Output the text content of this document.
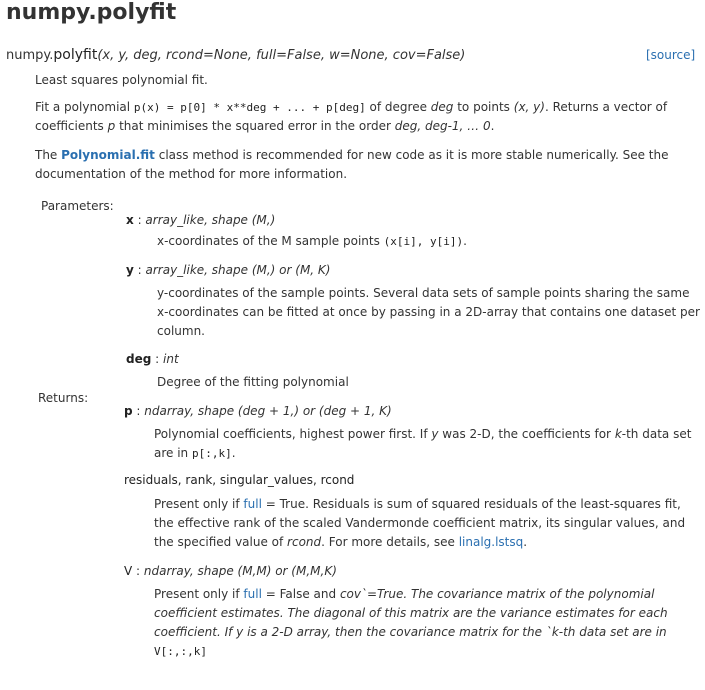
numpy.polyfit
numpy.polyfit(x, y, deg, rcond=None, full=False, w=None, cov=False)	[source]
Least squares polynomial fit.
Fit a polynomial p(x) = p[0] * x**deg + ... + p[deg] of degree deg to points (x, y). Returns a vector of
coefficients p that minimises the squared error in the order deg, deg-1, … 0.
The Polynomial.fit class method is recommended for new code as it is more stable numerically. See the
documentation of the method for more information.
Parameters:
x : array_like, shape (M,)
x-coordinates of the M sample points (x[i], y[i]).
y : array_like, shape (M,) or (M, K)
y-coordinates of the sample points. Several data sets of sample points sharing the same
x-coordinates can be fitted at once by passing in a 2D-array that contains one dataset per
column.
deg : int
Degree of the fitting polynomial
Returns:
p : ndarray, shape (deg + 1,) or (deg + 1, K)
Polynomial coefficients, highest power first. If y was 2-D, the coefficients for k-th data set
are in p[:,k].
residuals, rank, singular_values, rcond
Present only if full = True. Residuals is sum of squared residuals of the least-squares fit,
the effective rank of the scaled Vandermonde coefficient matrix, its singular values, and
the specified value of rcond. For more details, see linalg.lstsq.
V : ndarray, shape (M,M) or (M,M,K)
Present only if full = False and cov`=True. The covariance matrix of the polynomial
coefficient estimates. The diagonal of this matrix are the variance estimates for each
coefficient. If y is a 2-D array, then the covariance matrix for the `k-th data set are in
V[:,:,k]
